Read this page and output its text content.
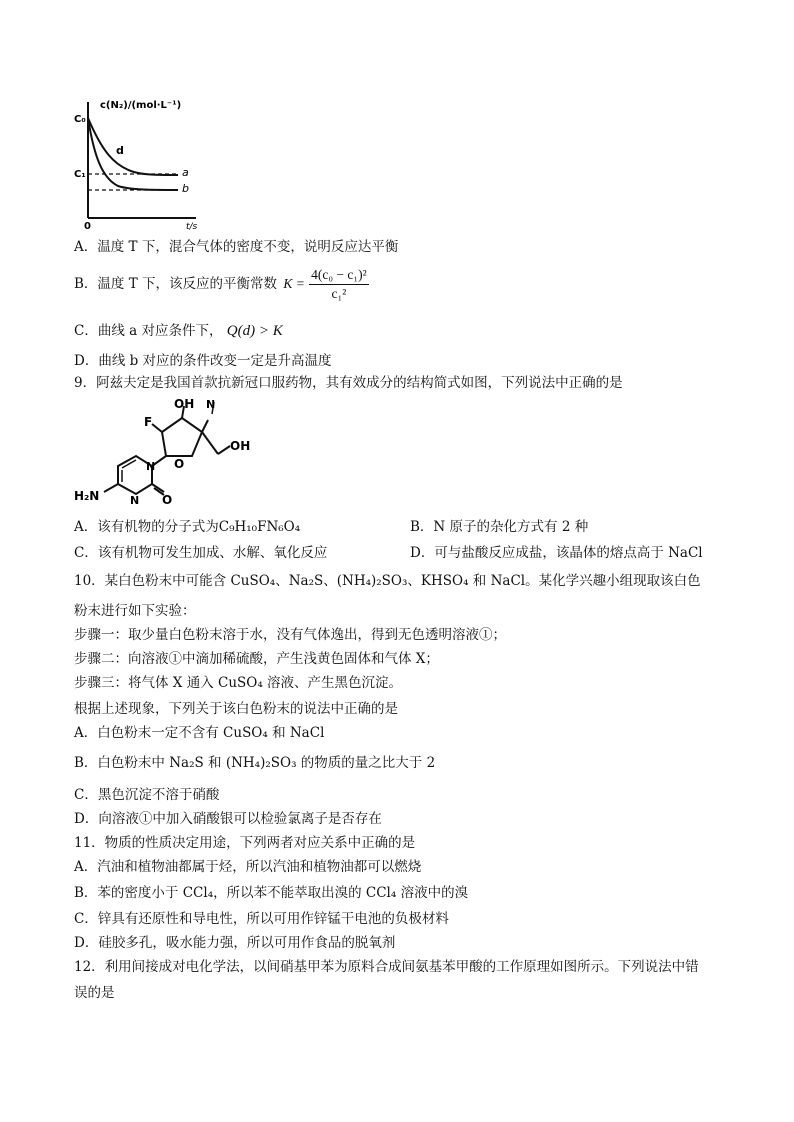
c(N₂)/(mol·L⁻¹)
C₀
C₁
0	t/s
d
a
b
A．温度 T 下，混合气体的密度不变，说明反应达平衡
B．温度 T 下，该反应的平衡常数 $K = \frac{\text{4(c₀ − c₁)²}}{\text{c₁²}}$
C．曲线 a 对应条件下， Q(d) > K
D．曲线 b 对应的条件改变一定是升高温度
9．阿兹夫定是我国首款抗新冠口服药物，其有效成分的结构简式如图，下列说法中正确的是
F
OH N
O
OH
N
N
H₂N	O
A．该有机物的分子式为C₉H₁₀FN₆O₄	B．N 原子的杂化方式有 2 种
C．该有机物可发生加成、水解、氧化反应	D．可与盐酸反应成盐，该晶体的熔点高于 NaCl
10．某白色粉末中可能含 CuSO₄、Na₂S、(NH₄)₂SO₃、KHSO₄ 和 NaCl。某化学兴趣小组现取该白色
粉末进行如下实验：
步骤一：取少量白色粉末溶于水，没有气体逸出，得到无色透明溶液①；
步骤二：向溶液①中滴加稀硫酸，产生浅黄色固体和气体 X；
步骤三：将气体 X 通入 CuSO₄ 溶液、产生黑色沉淀。
根据上述现象，下列关于该白色粉末的说法中正确的是
A．白色粉末一定不含有 CuSO₄ 和 NaCl
B．白色粉末中 Na₂S 和 (NH₄)₂SO₃ 的物质的量之比大于 2
C．黑色沉淀不溶于硝酸
D．向溶液①中加入硝酸银可以检验氯离子是否存在
11．物质的性质决定用途，下列两者对应关系中正确的是
A．汽油和植物油都属于烃，所以汽油和植物油都可以燃烧
B．苯的密度小于 CCl₄，所以苯不能萃取出溴的 CCl₄ 溶液中的溴
C．锌具有还原性和导电性，所以可用作锌锰干电池的负极材料
D．硅胶多孔，吸水能力强，所以可用作食品的脱氧剂
12．利用间接成对电化学法，以间硝基甲苯为原料合成间氨基苯甲酸的工作原理如图所示。下列说法中错
误的是
